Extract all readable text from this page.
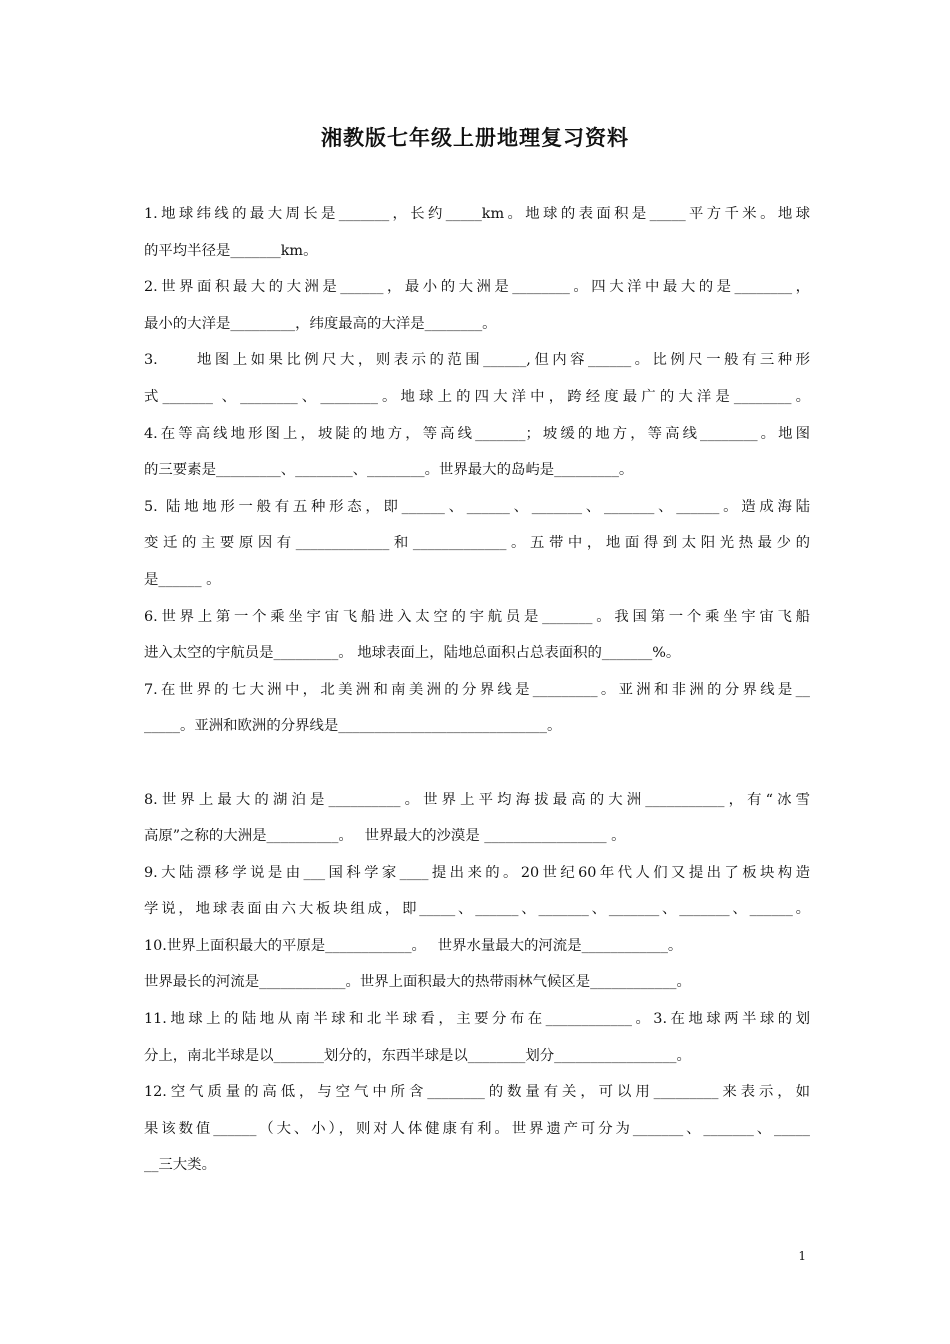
湘教版七年级上册地理复习资料
1.地球纬线的最大周长是_______，长约_____km。地球的表面积是_____平方千米。地球
的平均半径是_______km。
2.世界面积最大的大洲是______，最小的大洲是________。四大洋中最大的是________，
最小的大洋是_________，纬度最高的大洋是________。
3.　　地图上如果比例尺大，则表示的范围______,但内容______。比例尺一般有三种形
式_______ 、________、________。地球上的四大洋中，跨经度最广的大洋是________。
4.在等高线地形图上，坡陡的地方，等高线_______；坡缓的地方，等高线________。地图
的三要素是_________、________、________。世界最大的岛屿是_________。
5. 陆地地形一般有五种形态，即______、______、_______、_______、______。造成海陆
变迁的主要原因有_____________和_____________。五带中，地面得到太阳光热最少的
是______ 。
6.世界上第一个乘坐宇宙飞船进入太空的宇航员是_______。我国第一个乘坐宇宙飞船
进入太空的宇航员是_________。 地球表面上，陆地总面积占总表面积的_______%。
7.在世界的七大洲中，北美洲和南美洲的分界线是_________。亚洲和非洲的分界线是__
_____。亚洲和欧洲的分界线是_____________________________。
8.世界上最大的湖泊是__________。世界上平均海拔最高的大洲___________，有“冰雪
高原”之称的大洲是__________。　 世界最大的沙漠是 _________________ 。
9.大陆漂移学说是由___国科学家____提出来的。20世纪60年代人们又提出了板块构造
学说，地球表面由六大板块组成，即_____、______、_______、_______、_______、______。
10.世界上面积最大的平原是____________。　 世界水量最大的河流是____________。
世界最长的河流是____________。世界上面积最大的热带雨林气候区是____________。
11.地球上的陆地从南半球和北半球看，主要分布在____________。3.在地球两半球的划
分上，南北半球是以_______划分的，东西半球是以________划分_________________。
12.空气质量的高低，与空气中所含________的数量有关，可以用_________来表示，如
果该数值______（大、小），则对人体健康有利。世界遗产可分为_______、_______、_____
__三大类。
1
